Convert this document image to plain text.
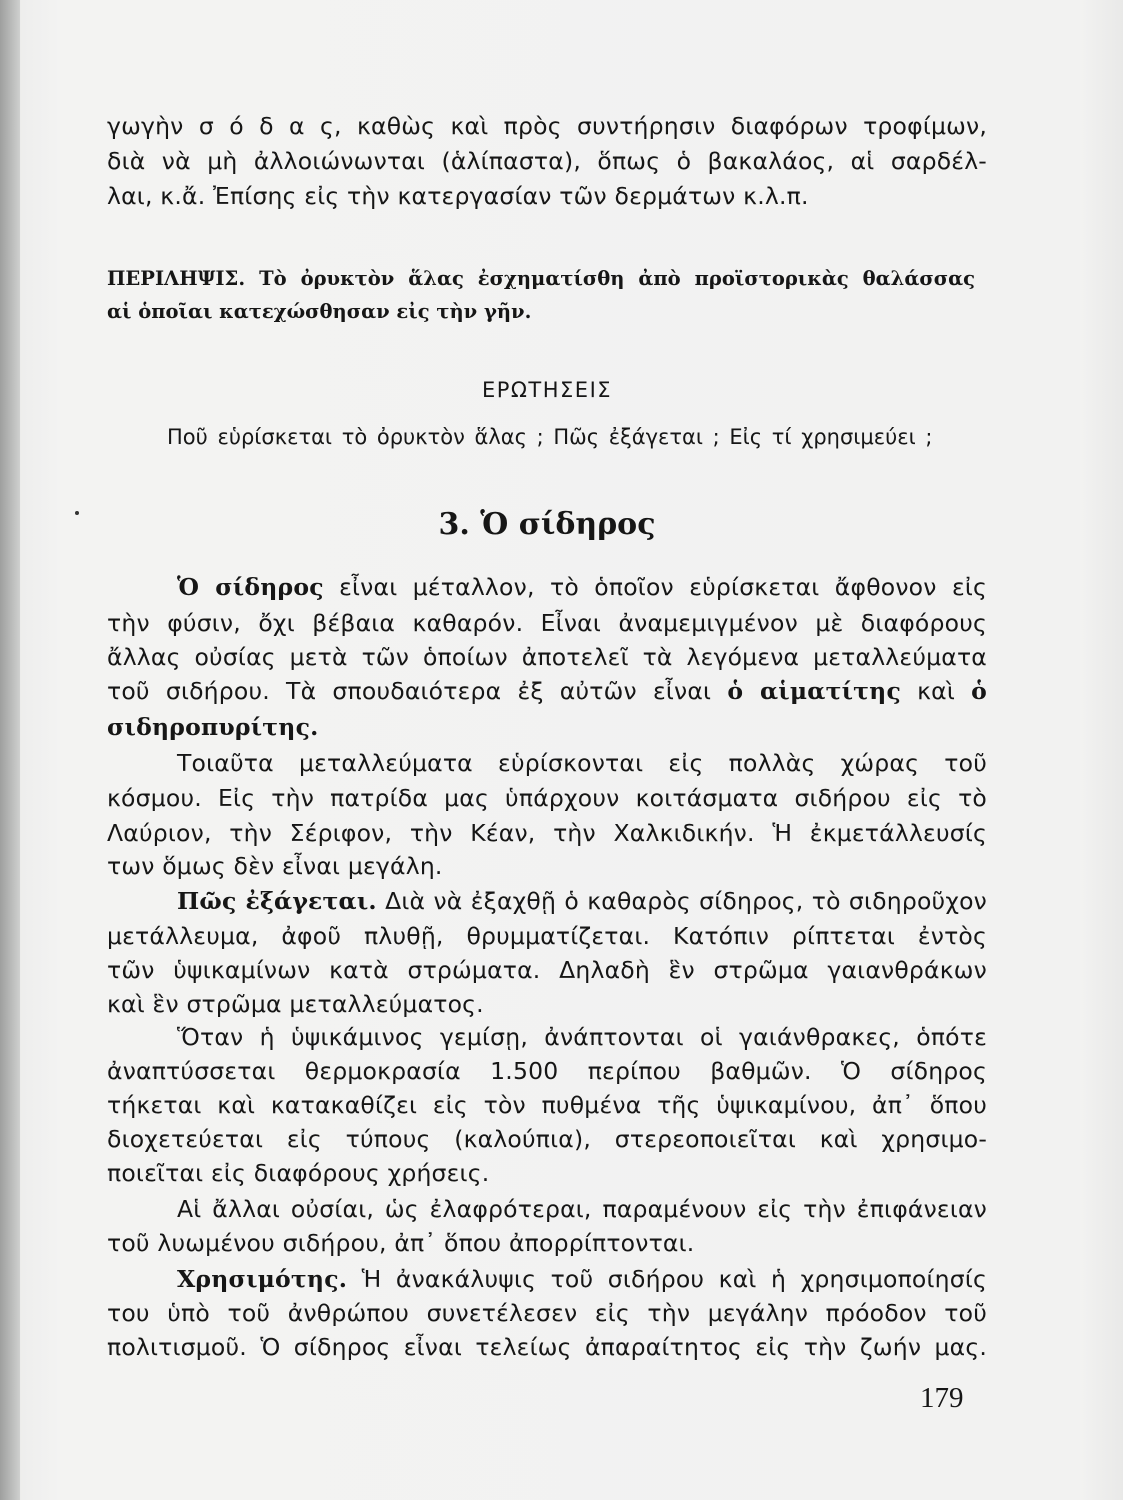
γωγὴν σ ό δ α ς, καθὼς καὶ πρὸς συντήρησιν διαφόρων τροφίμων,
διὰ νὰ μὴ ἀλλοιώνωνται (ἁλίπαστα), ὅπως ὁ βακαλάος, αἱ σαρδέλ-
λαι, κ.ἄ. Ἐπίσης εἰς τὴν κατεργασίαν τῶν δερμάτων κ.λ.π.
ΠΕΡΙΛΗΨΙΣ. Τὸ ὀρυκτὸν ἅλας ἐσχηματίσθη ἀπὸ προϊστορικὰς θαλάσσας
αἱ ὁποῖαι κατεχώσθησαν εἰς τὴν γῆν.
ΕΡΩΤΗΣΕΙΣ
Ποῦ εὑρίσκεται τὸ ὀρυκτὸν ἅλας ; Πῶς ἐξάγεται ; Εἰς τί χρησιμεύει ;
3. Ὁ σίδηρος
Ὁ σίδηρος εἶναι μέταλλον, τὸ ὁποῖον εὑρίσκεται ἄφθονον εἰς
τὴν φύσιν, ὄχι βέβαια καθαρόν. Εἶναι ἀναμεμιγμένον μὲ διαφόρους
ἄλλας οὐσίας μετὰ τῶν ὁποίων ἀποτελεῖ τὰ λεγόμενα μεταλλεύματα
τοῦ σιδήρου. Τὰ σπουδαιότερα ἐξ αὐτῶν εἶναι ὁ αἱματίτης καὶ ὁ
σιδηροπυρίτης.
Τοιαῦτα μεταλλεύματα εὑρίσκονται εἰς πολλὰς χώρας τοῦ
κόσμου. Εἰς τὴν πατρίδα μας ὑπάρχουν κοιτάσματα σιδήρου εἰς τὸ
Λαύριον, τὴν Σέριφον, τὴν Κέαν, τὴν Χαλκιδικήν. Ἡ ἐκμετάλλευσίς
των ὅμως δὲν εἶναι μεγάλη.
Πῶς ἐξάγεται. Διὰ νὰ ἐξαχθῇ ὁ καθαρὸς σίδηρος, τὸ σιδηροῦχον
μετάλλευμα, ἀφοῦ πλυθῇ, θρυμματίζεται. Κατόπιν ρίπτεται ἐντὸς
τῶν ὑψικαμίνων κατὰ στρώματα. Δηλαδὴ ἓν στρῶμα γαιανθράκων
καὶ ἓν στρῶμα μεταλλεύματος.
Ὅταν ἡ ὑψικάμινος γεμίσῃ, ἀνάπτονται οἱ γαιάνθρακες, ὁπότε
ἀναπτύσσεται θερμοκρασία 1.500 περίπου βαθμῶν. Ὁ σίδηρος
τήκεται καὶ κατακαθίζει εἰς τὸν πυθμένα τῆς ὑψικαμίνου, ἀπ᾽ ὅπου
διοχετεύεται εἰς τύπους (καλούπια), στερεοποιεῖται καὶ χρησιμο-
ποιεῖται εἰς διαφόρους χρήσεις.
Αἱ ἄλλαι οὐσίαι, ὡς ἐλαφρότεραι, παραμένουν εἰς τὴν ἐπιφάνειαν
τοῦ λυωμένου σιδήρου, ἀπ᾽ ὅπου ἀπορρίπτονται.
Χρησιμότης. Ἡ ἀνακάλυψις τοῦ σιδήρου καὶ ἡ χρησιμοποίησίς
του ὑπὸ τοῦ ἀνθρώπου συνετέλεσεν εἰς τὴν μεγάλην πρόοδον τοῦ
πολιτισμοῦ. Ὁ σίδηρος εἶναι τελείως ἀπαραίτητος εἰς τὴν ζωήν μας.
179
